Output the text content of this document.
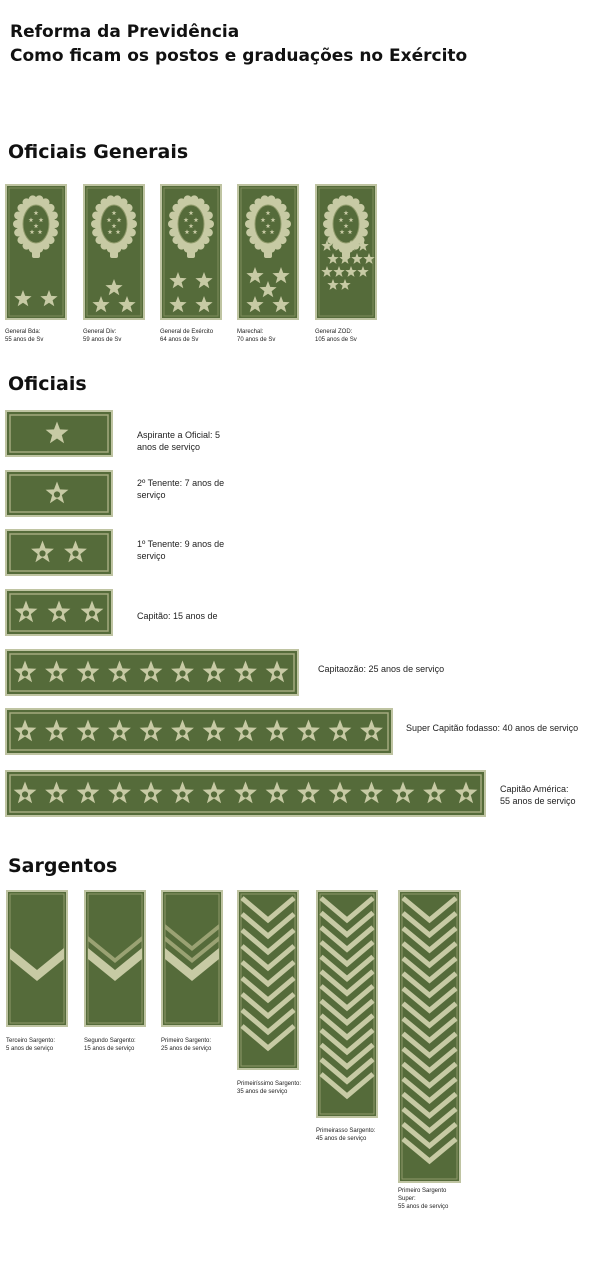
Reforma da Previdência
Como ficam os postos e graduações no Exército
Oficiais Generais
Oficiais
Sargentos
General Bda:
55 anos de Sv
General Div:
59 anos de Sv
General de Exército
64 anos de Sv
Marechal:
70 anos de Sv
General ZOD:
105 anos de Sv
Aspirante a Oficial: 5
anos de serviço
2º Tenente: 7 anos de
serviço
1º Tenente: 9 anos de
serviço
Capitão: 15 anos de
Capitaozão: 25 anos de serviço
Super Capitão fodasso: 40 anos de serviço
Capitão América:
55 anos de serviço
Terceiro Sargento:
5 anos de serviço
Segundo Sargento:
15 anos de serviço
Primeiro Sargento:
25 anos de serviço
Primeiríssimo Sargento:
35 anos de serviço
Primeirasso Sargento:
45 anos de serviço
Primeiro Sargento
Super:
55 anos de serviço
